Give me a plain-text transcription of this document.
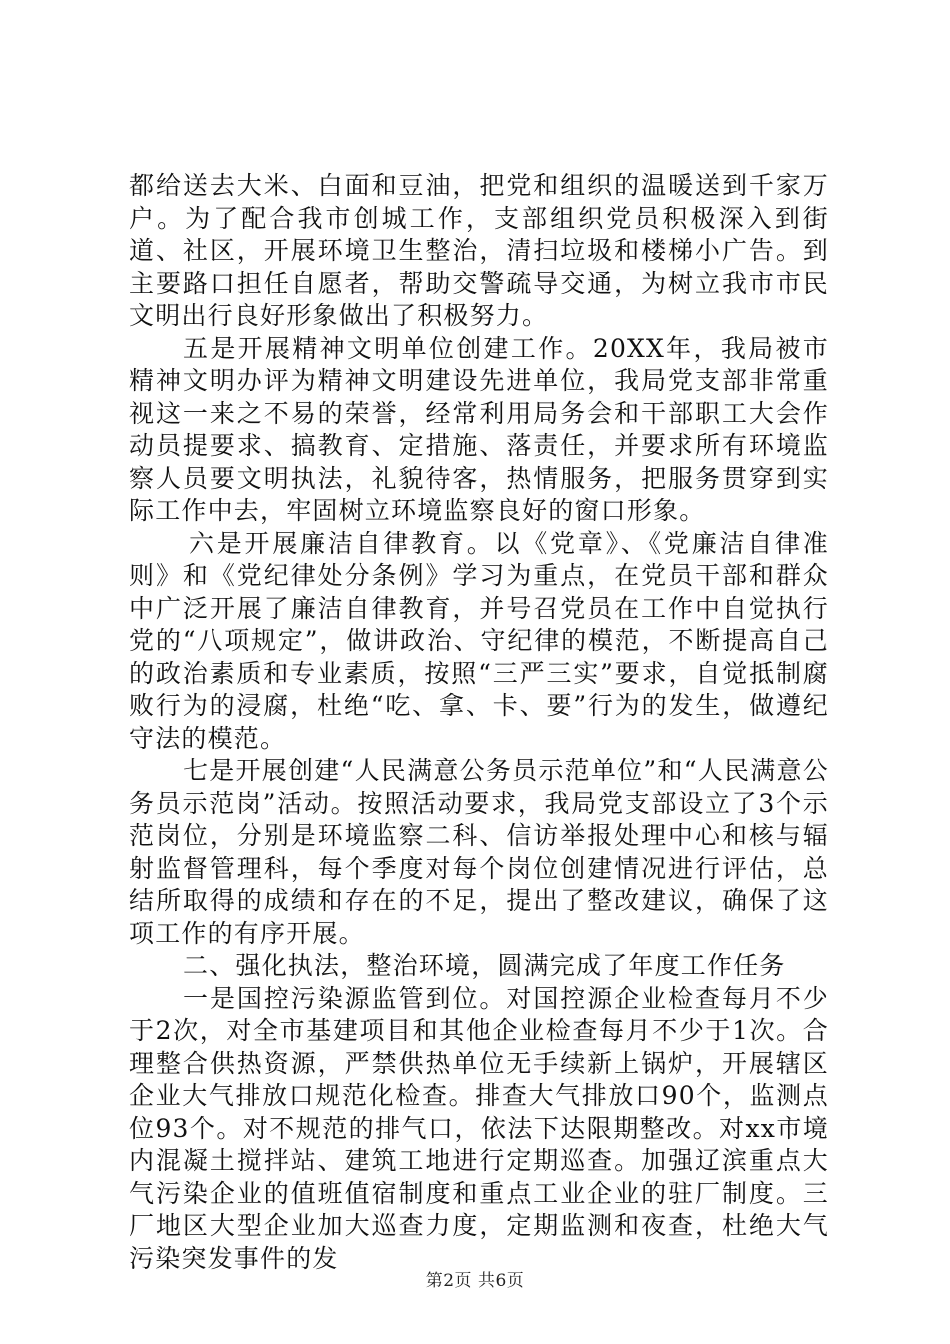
都给送去大米、白面和豆油，把党和组织的温暖送到千家万户。为了配合我市创城工作，支部组织党员积极深入到街道、社区，开展环境卫生整治，清扫垃圾和楼梯小广告。到主要路口担任自愿者，帮助交警疏导交通，为树立我市市民文明出行良好形象做出了积极努力。

五是开展精神文明单位创建工作。20XX年，我局被市精神文明办评为精神文明建设先进单位，我局党支部非常重视这一来之不易的荣誉，经常利用局务会和干部职工大会作动员提要求、搞教育、定措施、落责任，并要求所有环境监察人员要文明执法，礼貌待客，热情服务，把服务贯穿到实际工作中去，牢固树立环境监察良好的窗口形象。

六是开展廉洁自律教育。以《党章》、《党廉洁自律准则》和《党纪律处分条例》学习为重点，在党员干部和群众中广泛开展了廉洁自律教育，并号召党员在工作中自觉执行党的“八项规定”，做讲政治、守纪律的模范，不断提高自己的政治素质和专业素质，按照“三严三实”要求，自觉抵制腐败行为的浸腐，杜绝“吃、拿、卡、要”行为的发生，做遵纪守法的模范。

七是开展创建“人民满意公务员示范单位”和“人民满意公务员示范岗”活动。按照活动要求，我局党支部设立了3个示范岗位，分别是环境监察二科、信访举报处理中心和核与辐射监督管理科，每个季度对每个岗位创建情况进行评估，总结所取得的成绩和存在的不足，提出了整改建议，确保了这项工作的有序开展。

二、强化执法，整治环境，圆满完成了年度工作任务

一是国控污染源监管到位。对国控源企业检查每月不少于2次，对全市基建项目和其他企业检查每月不少于1次。合理整合供热资源，严禁供热单位无手续新上锅炉，开展辖区企业大气排放口规范化检查。排查大气排放口90个，监测点位93个。对不规范的排气口，依法下达限期整改。对xx市境内混凝土搅拌站、建筑工地进行定期巡查。加强辽滨重点大气污染企业的值班值宿制度和重点工业企业的驻厂制度。三厂地区大型企业加大巡查力度，定期监测和夜查，杜绝大气污染突发事件的发

第2页 共6页
